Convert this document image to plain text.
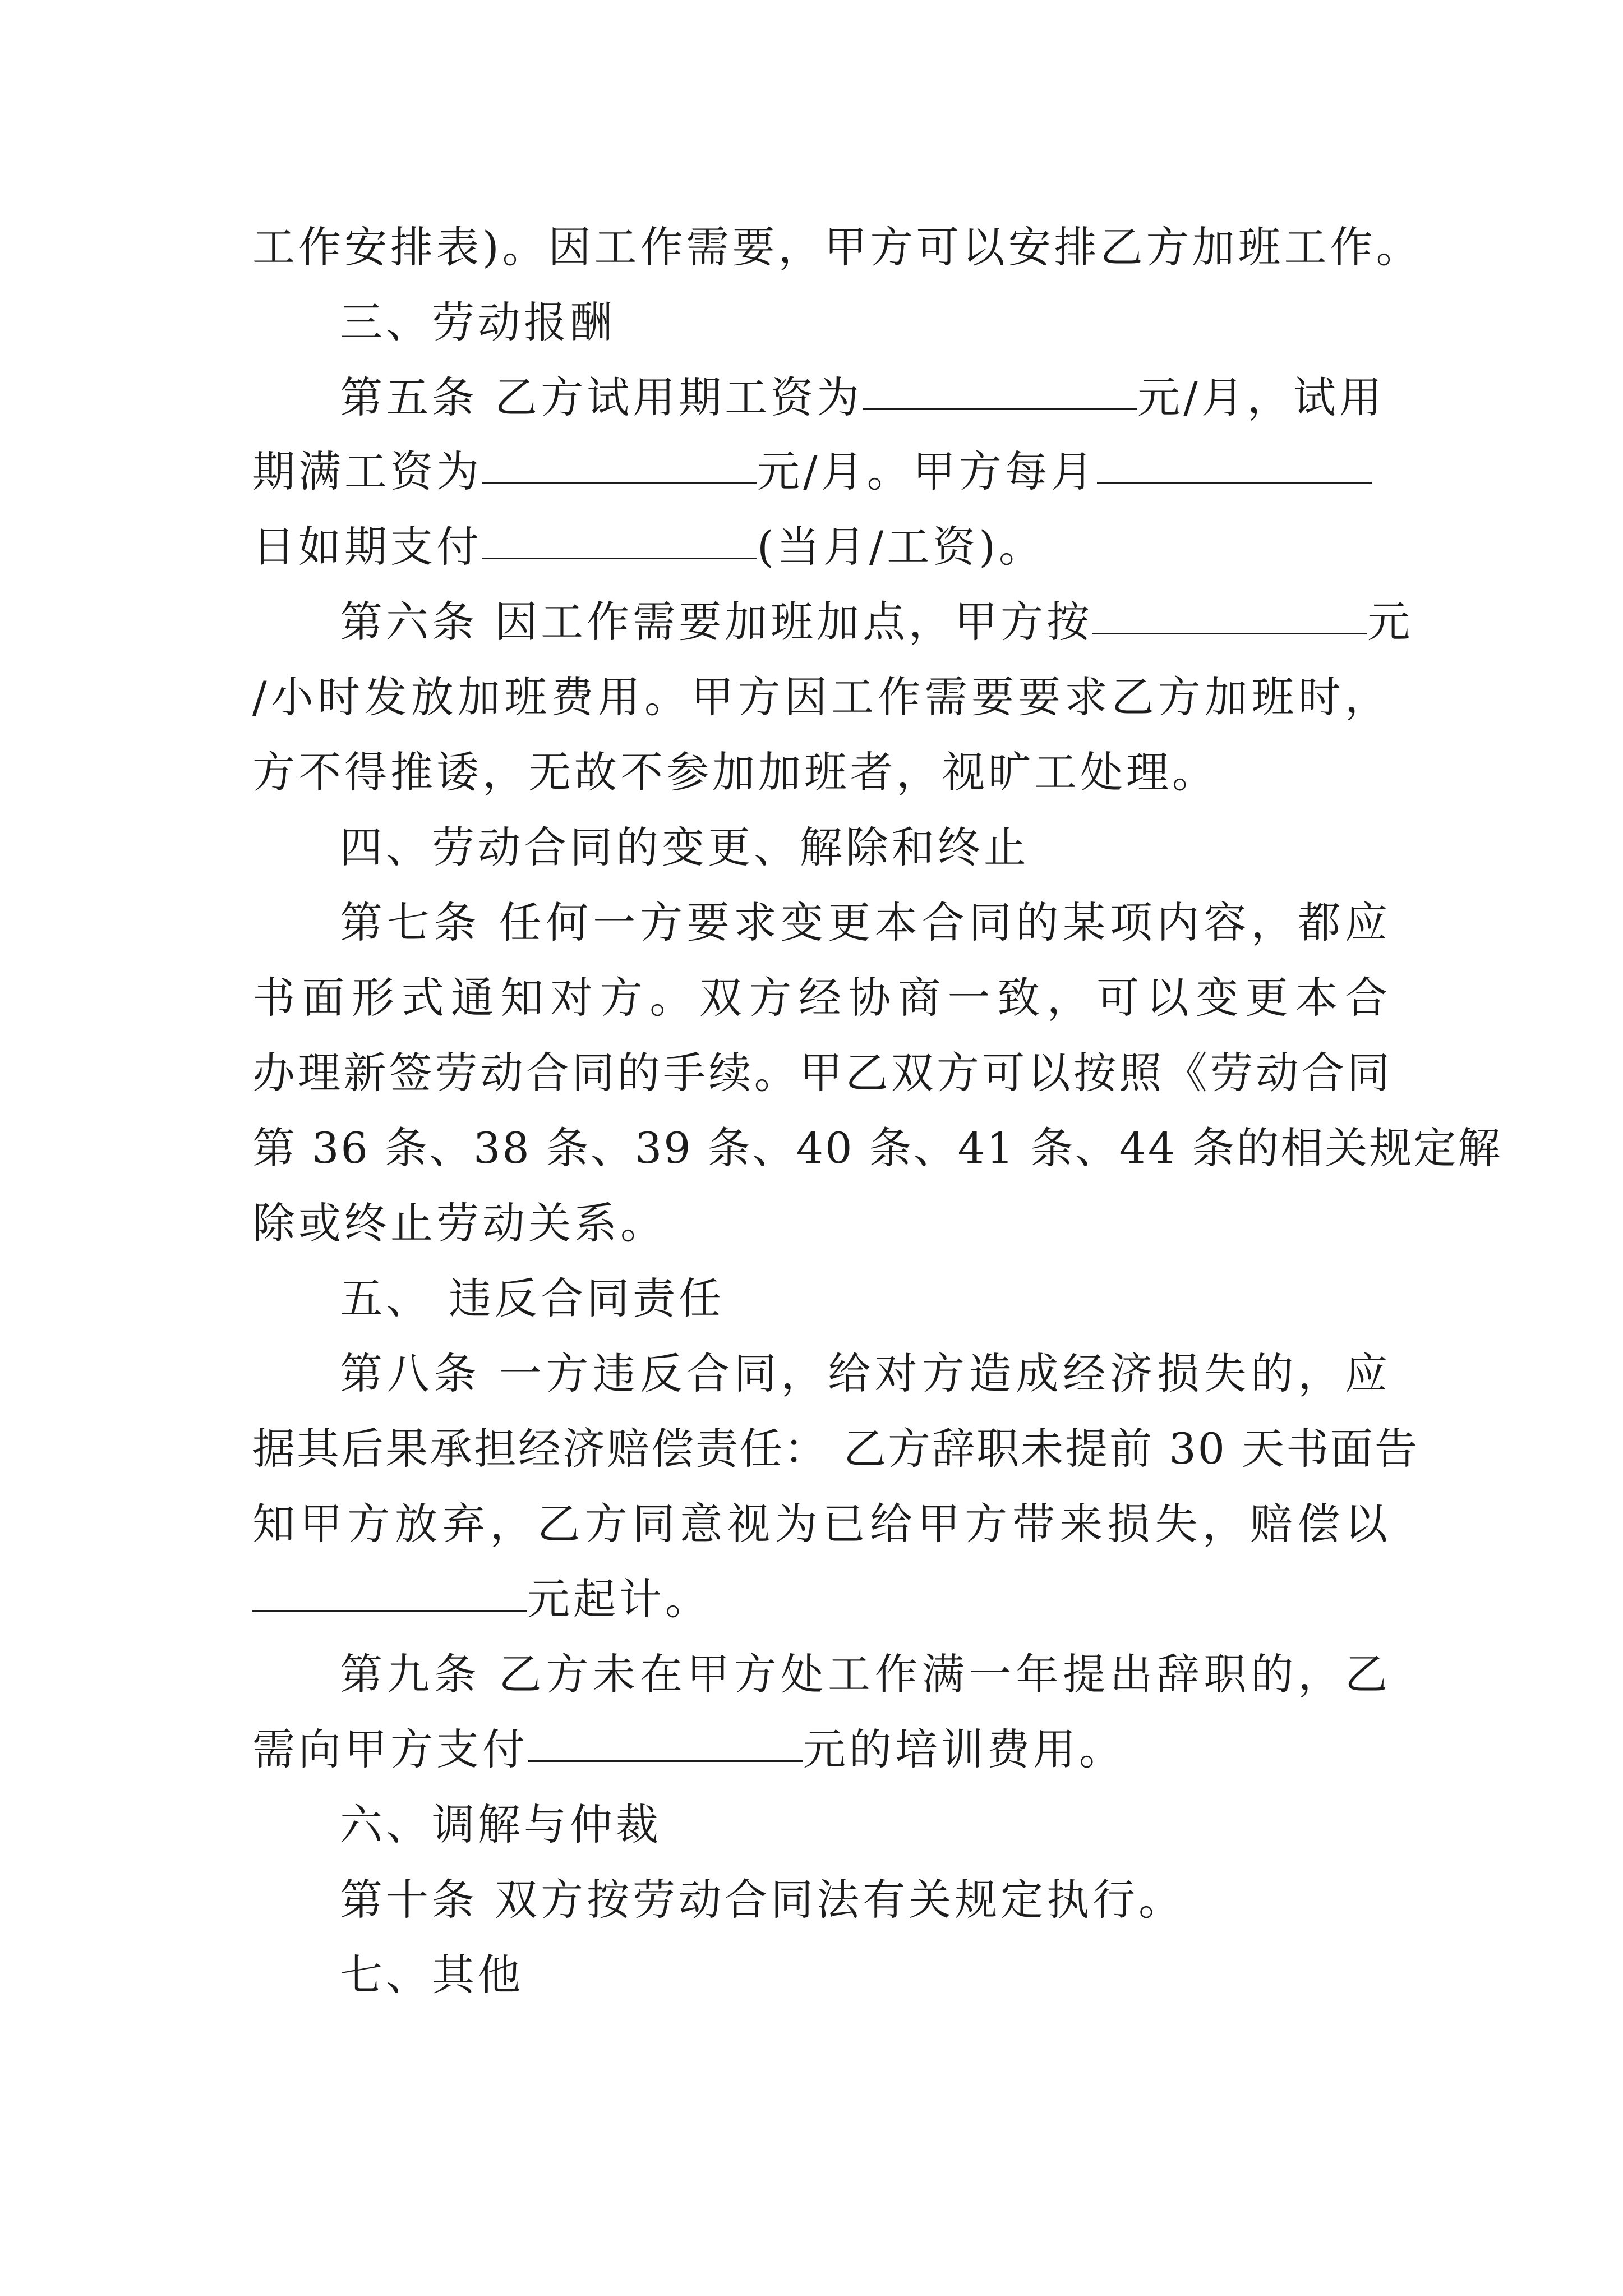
工作安排表)。因工作需要，甲方可以安排乙方加班工作。
三、劳动报酬
第五条 乙方试用期工资为	元/月，试用
期满工资为	元/月。甲方每月
日如期支付	(当月/工资)。
第六条 因工作需要加班加点，甲方按	元
/小时发放加班费用。甲方因工作需要要求乙方加班时，
方不得推诿，无故不参加加班者，视旷工处理。
四、劳动合同的变更、解除和终止
第七条 任何一方要求变更本合同的某项内容，都应
书面形式通知对方。双方经协商一致，可以变更本合
办理新签劳动合同的手续。甲乙双方可以按照《劳动合同
第 36 条、38 条、39 条、40 条、41 条、44 条的相关规定解
除或终止劳动关系。
五、 违反合同责任
第八条 一方违反合同，给对方造成经济损失的，应
据其后果承担经济赔偿责任： 乙方辞职未提前 30 天书面告
知甲方放弃，乙方同意视为已给甲方带来损失，赔偿以
元起计。
第九条 乙方未在甲方处工作满一年提出辞职的，乙
需向甲方支付	元的培训费用。
六、调解与仲裁
第十条 双方按劳动合同法有关规定执行。
七、其他
